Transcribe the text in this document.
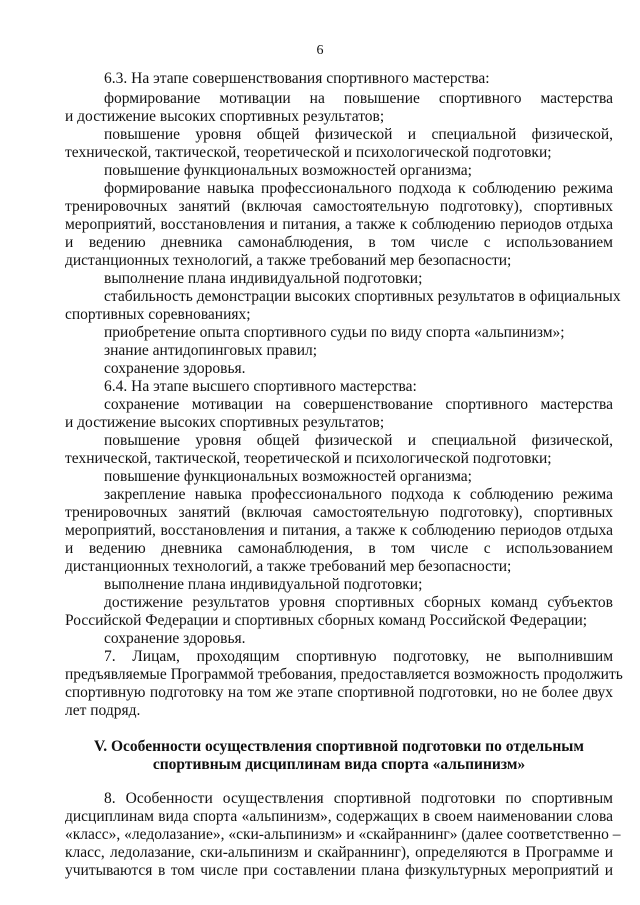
6
6.3. На этапе совершенствования спортивного мастерства:
формирование мотивации на повышение спортивного мастерства
и достижение высоких спортивных результатов;
повышение уровня общей физической и специальной физической,
технической, тактической, теоретической и психологической подготовки;
повышение функциональных возможностей организма;
формирование навыка профессионального подхода к соблюдению режима
тренировочных занятий (включая самостоятельную подготовку), спортивных
мероприятий, восстановления и питания, а также к соблюдению периодов отдыха
и ведению дневника самонаблюдения, в том числе с использованием
дистанционных технологий, а также требований мер безопасности;
выполнение плана индивидуальной подготовки;
стабильность демонстрации высоких спортивных результатов в официальных
спортивных соревнованиях;
приобретение опыта спортивного судьи по виду спорта «альпинизм»;
знание антидопинговых правил;
сохранение здоровья.
6.4. На этапе высшего спортивного мастерства:
сохранение мотивации на совершенствование спортивного мастерства
и достижение высоких спортивных результатов;
повышение уровня общей физической и специальной физической,
технической, тактической, теоретической и психологической подготовки;
повышение функциональных возможностей организма;
закрепление навыка профессионального подхода к соблюдению режима
тренировочных занятий (включая самостоятельную подготовку), спортивных
мероприятий, восстановления и питания, а также к соблюдению периодов отдыха
и ведению дневника самонаблюдения, в том числе с использованием
дистанционных технологий, а также требований мер безопасности;
выполнение плана индивидуальной подготовки;
достижение результатов уровня спортивных сборных команд субъектов
Российской Федерации и спортивных сборных команд Российской Федерации;
сохранение здоровья.
7. Лицам, проходящим спортивную подготовку, не выполнившим
предъявляемые Программой требования, предоставляется возможность продолжить
спортивную подготовку на том же этапе спортивной подготовки, но не более двух
лет подряд.
V. Особенности осуществления спортивной подготовки по отдельным
спортивным дисциплинам вида спорта «альпинизм»
8. Особенности осуществления спортивной подготовки по спортивным
дисциплинам вида спорта «альпинизм», содержащих в своем наименовании слова
«класс», «ледолазание», «ски-альпинизм» и «скайраннинг» (далее соответственно –
класс, ледолазание, ски-альпинизм и скайраннинг), определяются в Программе и
учитываются в том числе при составлении плана физкультурных мероприятий и
